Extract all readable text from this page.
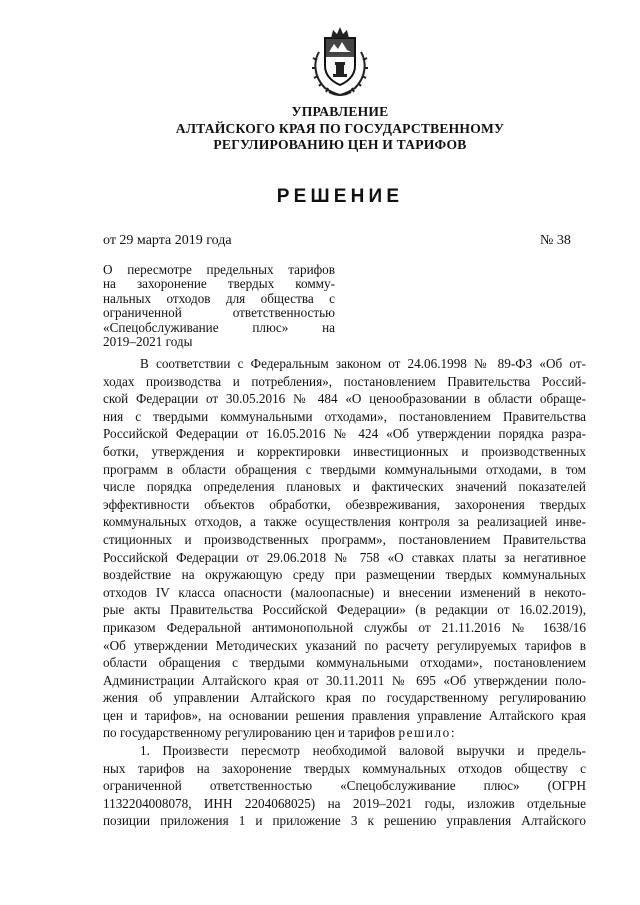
УПРАВЛЕНИЕ
АЛТАЙСКОГО КРАЯ ПО ГОСУДАРСТВЕННОМУ
РЕГУЛИРОВАНИЮ ЦЕН И ТАРИФОВ
РЕШЕНИЕ
от 29 марта 2019 года	№ 38
О пересмотре предельных тарифов
на захоронение твердых комму-
нальных отходов для общества с
ограниченной ответственностью
«Спецобслуживание плюс» на
2019–2021 годы
В соответствии с Федеральным законом от 24.06.1998 № 89-ФЗ «Об от-
ходах производства и потребления», постановлением Правительства Россий-
ской Федерации от 30.05.2016 № 484 «О ценообразовании в области обраще-
ния с твердыми коммунальными отходами», постановлением Правительства
Российской Федерации от 16.05.2016 № 424 «Об утверждении порядка разра-
ботки, утверждения и корректировки инвестиционных и производственных
программ в области обращения с твердыми коммунальными отходами, в том
числе порядка определения плановых и фактических значений показателей
эффективности объектов обработки, обезвреживания, захоронения твердых
коммунальных отходов, а также осуществления контроля за реализацией инве-
стиционных и производственных программ», постановлением Правительства
Российской Федерации от 29.06.2018 № 758 «О ставках платы за негативное
воздействие на окружающую среду при размещении твердых коммунальных
отходов IV класса опасности (малоопасные) и внесении изменений в некото-
рые акты Правительства Российской Федерации» (в редакции от 16.02.2019),
приказом Федеральной антимонопольной службы от 21.11.2016 № 1638/16
«Об утверждении Методических указаний по расчету регулируемых тарифов в
области обращения с твердыми коммунальными отходами», постановлением
Администрации Алтайского края от 30.11.2011 № 695 «Об утверждении поло-
жения об управлении Алтайского края по государственному регулированию
цен и тарифов», на основании решения правления управление Алтайского края
по государственному регулированию цен и тарифов решило:
1. Произвести пересмотр необходимой валовой выручки и предель-
ных тарифов на захоронение твердых коммунальных отходов обществу с
ограниченной ответственностью «Спецобслуживание плюс» (ОГРН
1132204008078, ИНН 2204068025) на 2019–2021 годы, изложив отдельные
позиции приложения 1 и приложение 3 к решению управления Алтайского
